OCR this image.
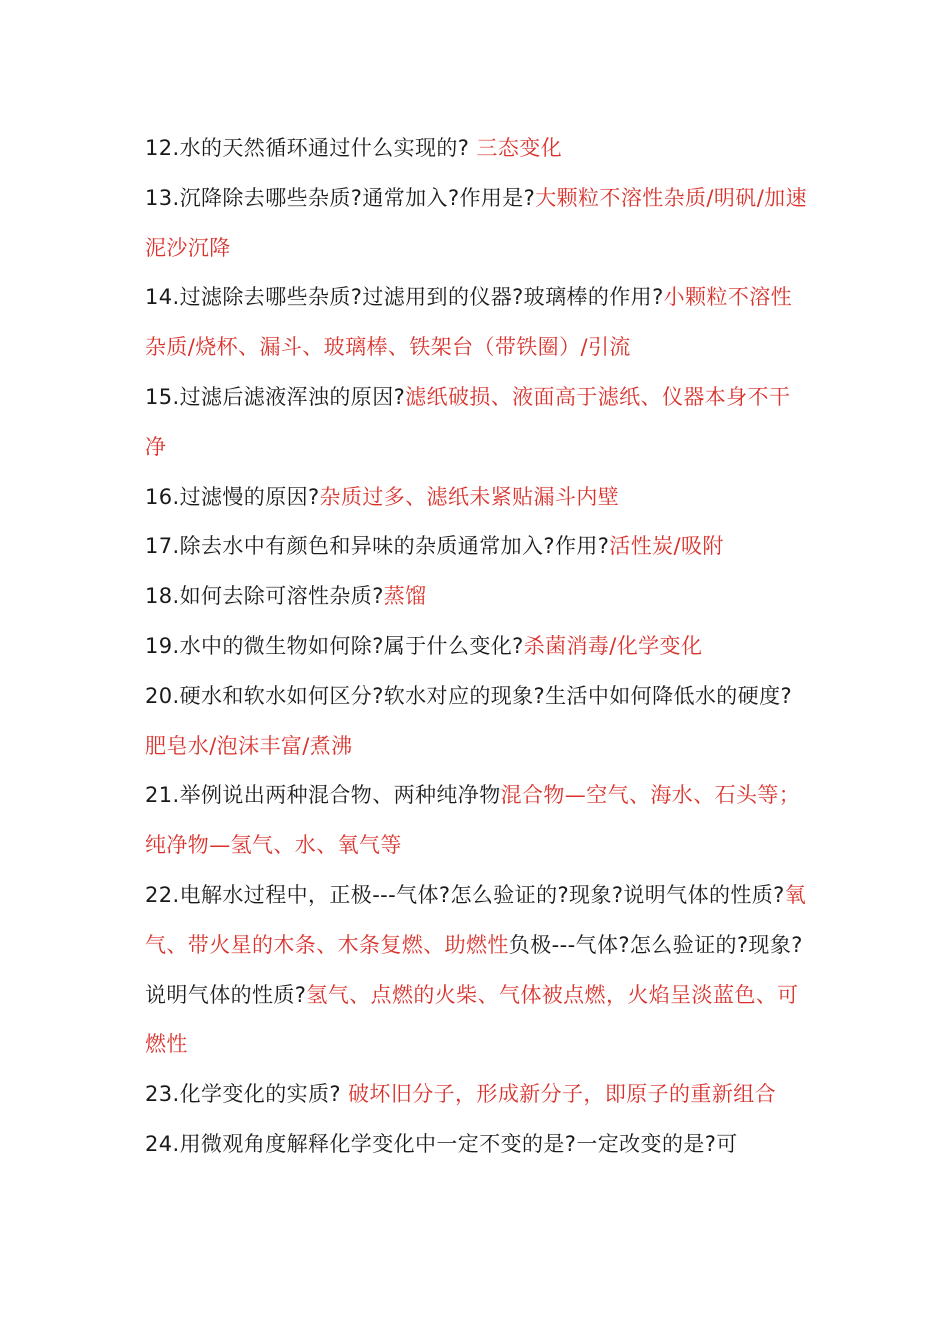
12.水的天然循环通过什么实现的? 三态变化

13.沉降除去哪些杂质?通常加入?作用是?大颗粒不溶性杂质/明矾/加速泥沙沉降

14.过滤除去哪些杂质?过滤用到的仪器?玻璃棒的作用?小颗粒不溶性杂质/烧杯、漏斗、玻璃棒、铁架台（带铁圈）/引流

15.过滤后滤液浑浊的原因?滤纸破损、液面高于滤纸、仪器本身不干净

16.过滤慢的原因?杂质过多、滤纸未紧贴漏斗内壁

17.除去水中有颜色和异味的杂质通常加入?作用?活性炭/吸附

18.如何去除可溶性杂质?蒸馏

19.水中的微生物如何除?属于什么变化?杀菌消毒/化学变化

20.硬水和软水如何区分?软水对应的现象?生活中如何降低水的硬度?肥皂水/泡沫丰富/煮沸

21.举例说出两种混合物、两种纯净物混合物—空气、海水、石头等；纯净物—氢气、水、氧气等

22.电解水过程中，正极---气体?怎么验证的?现象?说明气体的性质?氧气、带火星的木条、木条复燃、助燃性负极---气体?怎么验证的?现象?说明气体的性质?氢气、点燃的火柴、气体被点燃，火焰呈淡蓝色、可燃性

23.化学变化的实质? 破坏旧分子，形成新分子，即原子的重新组合

24.用微观角度解释化学变化中一定不变的是?一定改变的是?可
